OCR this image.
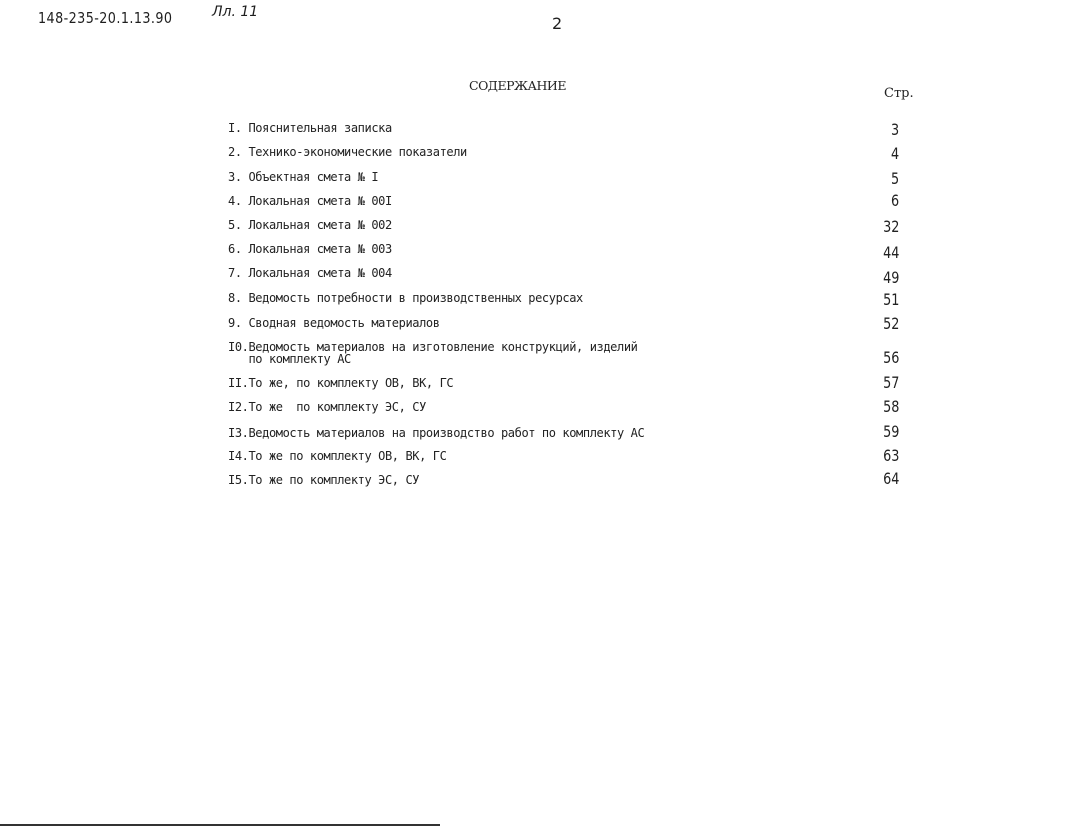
148-235-20.1.13.90	Лл. 11
2
СОДЕРЖАНИЕ
Стр.
I. Пояснительная записка	3
2. Технико-экономические показатели	4
3. Объектная смета № I	5
4. Локальная смета № 00I	6
5. Локальная смета № 002	32
6. Локальная смета № 003	44
7. Локальная смета № 004	49
8. Ведомость потребности в производственных ресурсах	51
9. Сводная ведомость материалов	52
I0.Ведомость материалов на изготовление конструкций, изделий
по комплекту АС	56
II.То же, по комплекту ОВ, ВК, ГС	57
I2.То же  по комплекту ЭС, СУ	58
I3.Ведомость материалов на производство работ по комплекту АС	59
I4.То же по комплекту ОВ, ВК, ГС	63
I5.То же по комплекту ЭС, СУ	64
